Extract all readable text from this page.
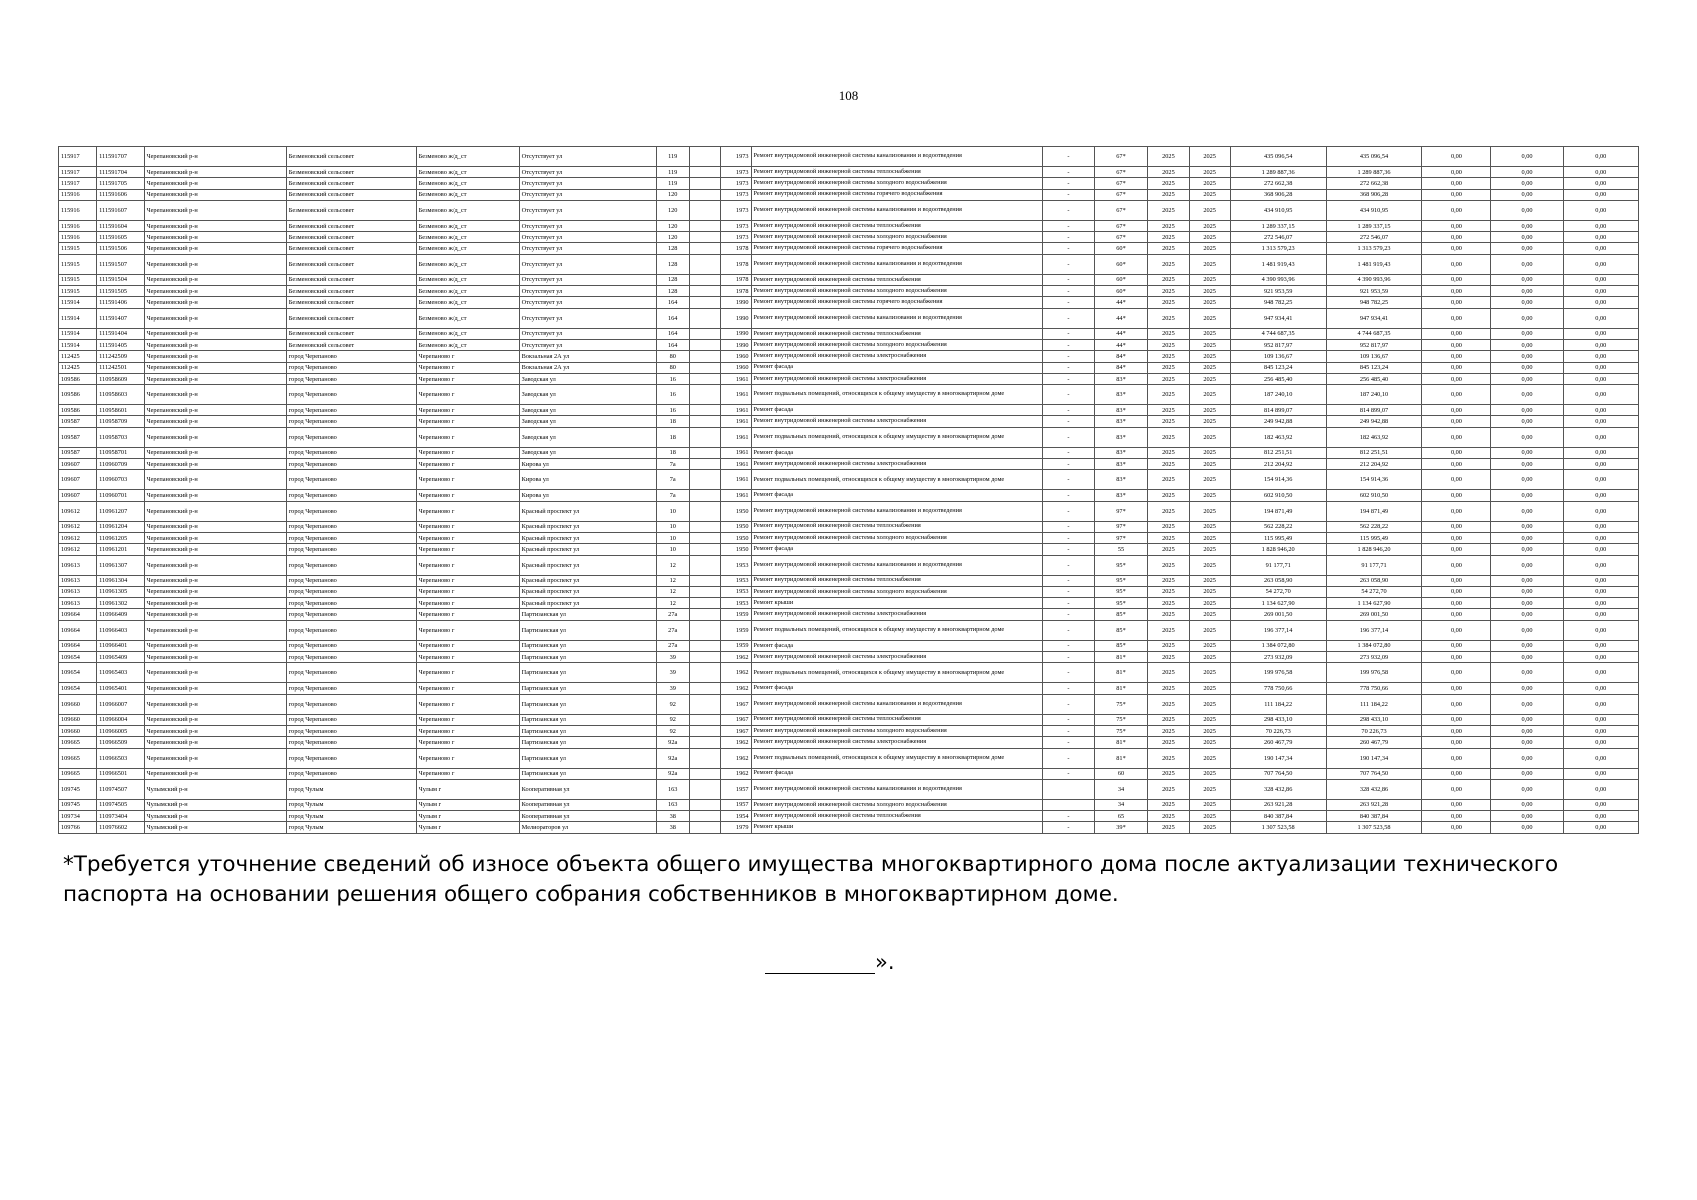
108
115917	111591707	Черепановский р-н	Безменовский сельсовет	Безменово ж/д_ст	Отсутствует ул	119		1973	Ремонт внутридомовой инженерной системы канализования и водоотведения	-	67*	2025	2025	435 096,54	435 096,54	0,00	0,00	0,00
115917	111591704	Черепановский р-н	Безменовский сельсовет	Безменово ж/д_ст	Отсутствует ул	119		1973	Ремонт внутридомовой инженерной системы теплоснабжения	-	67*	2025	2025	1 289 887,36	1 289 887,36	0,00	0,00	0,00
115917	111591705	Черепановский р-н	Безменовский сельсовет	Безменово ж/д_ст	Отсутствует ул	119		1973	Ремонт внутридомовой инженерной системы холодного водоснабжения	-	67*	2025	2025	272 662,38	272 662,38	0,00	0,00	0,00
115916	111591606	Черепановский р-н	Безменовский сельсовет	Безменово ж/д_ст	Отсутствует ул	120		1973	Ремонт внутридомовой инженерной системы горячего водоснабжения	-	67*	2025	2025	368 906,28	368 906,28	0,00	0,00	0,00
115916	111591607	Черепановский р-н	Безменовский сельсовет	Безменово ж/д_ст	Отсутствует ул	120		1973	Ремонт внутридомовой инженерной системы канализования и водоотведения	-	67*	2025	2025	434 910,95	434 910,95	0,00	0,00	0,00
115916	111591604	Черепановский р-н	Безменовский сельсовет	Безменово ж/д_ст	Отсутствует ул	120		1973	Ремонт внутридомовой инженерной системы теплоснабжения	-	67*	2025	2025	1 289 337,15	1 289 337,15	0,00	0,00	0,00
115916	111591605	Черепановский р-н	Безменовский сельсовет	Безменово ж/д_ст	Отсутствует ул	120		1973	Ремонт внутридомовой инженерной системы холодного водоснабжения	-	67*	2025	2025	272 546,07	272 546,07	0,00	0,00	0,00
115915	111591506	Черепановский р-н	Безменовский сельсовет	Безменово ж/д_ст	Отсутствует ул	128		1978	Ремонт внутридомовой инженерной системы горячего водоснабжения	-	60*	2025	2025	1 313 579,23	1 313 579,23	0,00	0,00	0,00
115915	111591507	Черепановский р-н	Безменовский сельсовет	Безменово ж/д_ст	Отсутствует ул	128		1978	Ремонт внутридомовой инженерной системы канализования и водоотведения	-	60*	2025	2025	1 481 919,43	1 481 919,43	0,00	0,00	0,00
115915	111591504	Черепановский р-н	Безменовский сельсовет	Безменово ж/д_ст	Отсутствует ул	128		1978	Ремонт внутридомовой инженерной системы теплоснабжения	-	60*	2025	2025	4 390 993,96	4 390 993,96	0,00	0,00	0,00
115915	111591505	Черепановский р-н	Безменовский сельсовет	Безменово ж/д_ст	Отсутствует ул	128		1978	Ремонт внутридомовой инженерной системы холодного водоснабжения	-	60*	2025	2025	921 953,59	921 953,59	0,00	0,00	0,00
115914	111591406	Черепановский р-н	Безменовский сельсовет	Безменово ж/д_ст	Отсутствует ул	164		1990	Ремонт внутридомовой инженерной системы горячего водоснабжения	-	44*	2025	2025	948 782,25	948 782,25	0,00	0,00	0,00
115914	111591407	Черепановский р-н	Безменовский сельсовет	Безменово ж/д_ст	Отсутствует ул	164		1990	Ремонт внутридомовой инженерной системы канализования и водоотведения	-	44*	2025	2025	947 934,41	947 934,41	0,00	0,00	0,00
115914	111591404	Черепановский р-н	Безменовский сельсовет	Безменово ж/д_ст	Отсутствует ул	164		1990	Ремонт внутридомовой инженерной системы теплоснабжения	-	44*	2025	2025	4 744 687,35	4 744 687,35	0,00	0,00	0,00
115914	111591405	Черепановский р-н	Безменовский сельсовет	Безменово ж/д_ст	Отсутствует ул	164		1990	Ремонт внутридомовой инженерной системы холодного водоснабжения	-	44*	2025	2025	952 817,97	952 817,97	0,00	0,00	0,00
112425	111242509	Черепановский р-н	город Черепаново	Черепаново г	Вокзальная 2А ул	80		1960	Ремонт внутридомовой инженерной системы электроснабжения	-	84*	2025	2025	109 136,67	109 136,67	0,00	0,00	0,00
112425	111242501	Черепановский р-н	город Черепаново	Черепаново г	Вокзальная 2А ул	80		1960	Ремонт фасада	-	84*	2025	2025	845 123,24	845 123,24	0,00	0,00	0,00
109586	110958609	Черепановский р-н	город Черепаново	Черепаново г	Заводская ул	16		1961	Ремонт внутридомовой инженерной системы электроснабжения	-	83*	2025	2025	256 485,40	256 485,40	0,00	0,00	0,00
109586	110958603	Черепановский р-н	город Черепаново	Черепаново г	Заводская ул	16		1961	Ремонт подвальных помещений, относящихся к общему имуществу в многоквартирном доме	-	83*	2025	2025	187 240,10	187 240,10	0,00	0,00	0,00
109586	110958601	Черепановский р-н	город Черепаново	Черепаново г	Заводская ул	16		1961	Ремонт фасада	-	83*	2025	2025	814 899,07	814 899,07	0,00	0,00	0,00
109587	110958709	Черепановский р-н	город Черепаново	Черепаново г	Заводская ул	18		1961	Ремонт внутридомовой инженерной системы электроснабжения	-	83*	2025	2025	249 942,88	249 942,88	0,00	0,00	0,00
109587	110958703	Черепановский р-н	город Черепаново	Черепаново г	Заводская ул	18		1961	Ремонт подвальных помещений, относящихся к общему имуществу в многоквартирном доме	-	83*	2025	2025	182 463,92	182 463,92	0,00	0,00	0,00
109587	110958701	Черепановский р-н	город Черепаново	Черепаново г	Заводская ул	18		1961	Ремонт фасада	-	83*	2025	2025	812 251,51	812 251,51	0,00	0,00	0,00
109607	110960709	Черепановский р-н	город Черепаново	Черепаново г	Кирова ул	7а		1961	Ремонт внутридомовой инженерной системы электроснабжения	-	83*	2025	2025	212 204,92	212 204,92	0,00	0,00	0,00
109607	110960703	Черепановский р-н	город Черепаново	Черепаново г	Кирова ул	7а		1961	Ремонт подвальных помещений, относящихся к общему имуществу в многоквартирном доме	-	83*	2025	2025	154 914,36	154 914,36	0,00	0,00	0,00
109607	110960701	Черепановский р-н	город Черепаново	Черепаново г	Кирова ул	7а		1961	Ремонт фасада	-	83*	2025	2025	602 910,50	602 910,50	0,00	0,00	0,00
109612	110961207	Черепановский р-н	город Черепаново	Черепаново г	Красный проспект ул	10		1950	Ремонт внутридомовой инженерной системы канализования и водоотведения	-	97*	2025	2025	194 871,49	194 871,49	0,00	0,00	0,00
109612	110961204	Черепановский р-н	город Черепаново	Черепаново г	Красный проспект ул	10		1950	Ремонт внутридомовой инженерной системы теплоснабжения	-	97*	2025	2025	562 228,22	562 228,22	0,00	0,00	0,00
109612	110961205	Черепановский р-н	город Черепаново	Черепаново г	Красный проспект ул	10		1950	Ремонт внутридомовой инженерной системы холодного водоснабжения	-	97*	2025	2025	115 995,49	115 995,49	0,00	0,00	0,00
109612	110961201	Черепановский р-н	город Черепаново	Черепаново г	Красный проспект ул	10		1950	Ремонт фасада	-	55	2025	2025	1 828 946,20	1 828 946,20	0,00	0,00	0,00
109613	110961307	Черепановский р-н	город Черепаново	Черепаново г	Красный проспект ул	12		1953	Ремонт внутридомовой инженерной системы канализования и водоотведения	-	95*	2025	2025	91 177,71	91 177,71	0,00	0,00	0,00
109613	110961304	Черепановский р-н	город Черепаново	Черепаново г	Красный проспект ул	12		1953	Ремонт внутридомовой инженерной системы теплоснабжения	-	95*	2025	2025	263 058,90	263 058,90	0,00	0,00	0,00
109613	110961305	Черепановский р-н	город Черепаново	Черепаново г	Красный проспект ул	12		1953	Ремонт внутридомовой инженерной системы холодного водоснабжения	-	95*	2025	2025	54 272,70	54 272,70	0,00	0,00	0,00
109613	110961302	Черепановский р-н	город Черепаново	Черепаново г	Красный проспект ул	12		1953	Ремонт крыши	-	95*	2025	2025	1 134 627,90	1 134 627,90	0,00	0,00	0,00
109664	110966409	Черепановский р-н	город Черепаново	Черепаново г	Партизанская ул	27а		1959	Ремонт внутридомовой инженерной системы электроснабжения	-	85*	2025	2025	269 001,50	269 001,50	0,00	0,00	0,00
109664	110966403	Черепановский р-н	город Черепаново	Черепаново г	Партизанская ул	27а		1959	Ремонт подвальных помещений, относящихся к общему имуществу в многоквартирном доме	-	85*	2025	2025	196 377,14	196 377,14	0,00	0,00	0,00
109664	110966401	Черепановский р-н	город Черепаново	Черепаново г	Партизанская ул	27а		1959	Ремонт фасада	-	85*	2025	2025	1 384 072,80	1 384 072,80	0,00	0,00	0,00
109654	110965409	Черепановский р-н	город Черепаново	Черепаново г	Партизанская ул	39		1962	Ремонт внутридомовой инженерной системы электроснабжения	-	81*	2025	2025	273 932,09	273 932,09	0,00	0,00	0,00
109654	110965403	Черепановский р-н	город Черепаново	Черепаново г	Партизанская ул	39		1962	Ремонт подвальных помещений, относящихся к общему имуществу в многоквартирном доме	-	81*	2025	2025	199 976,58	199 976,58	0,00	0,00	0,00
109654	110965401	Черепановский р-н	город Черепаново	Черепаново г	Партизанская ул	39		1962	Ремонт фасада	-	81*	2025	2025	778 750,66	778 750,66	0,00	0,00	0,00
109660	110966007	Черепановский р-н	город Черепаново	Черепаново г	Партизанская ул	92		1967	Ремонт внутридомовой инженерной системы канализования и водоотведения	-	75*	2025	2025	111 184,22	111 184,22	0,00	0,00	0,00
109660	110966004	Черепановский р-н	город Черепаново	Черепаново г	Партизанская ул	92		1967	Ремонт внутридомовой инженерной системы теплоснабжения	-	75*	2025	2025	298 433,10	298 433,10	0,00	0,00	0,00
109660	110966005	Черепановский р-н	город Черепаново	Черепаново г	Партизанская ул	92		1967	Ремонт внутридомовой инженерной системы холодного водоснабжения	-	75*	2025	2025	70 226,73	70 226,73	0,00	0,00	0,00
109665	110966509	Черепановский р-н	город Черепаново	Черепаново г	Партизанская ул	92а		1962	Ремонт внутридомовой инженерной системы электроснабжения	-	81*	2025	2025	260 467,79	260 467,79	0,00	0,00	0,00
109665	110966503	Черепановский р-н	город Черепаново	Черепаново г	Партизанская ул	92а		1962	Ремонт подвальных помещений, относящихся к общему имуществу в многоквартирном доме	-	81*	2025	2025	190 147,34	190 147,34	0,00	0,00	0,00
109665	110966501	Черепановский р-н	город Черепаново	Черепаново г	Партизанская ул	92а		1962	Ремонт фасада	-	60	2025	2025	707 764,50	707 764,50	0,00	0,00	0,00
109745	110974507	Чулымский р-н	город Чулым	Чулым г	Кооперативная ул	163		1957	Ремонт внутридомовой инженерной системы канализования и водоотведения		34	2025	2025	328 432,86	328 432,86	0,00	0,00	0,00
109745	110974505	Чулымский р-н	город Чулым	Чулым г	Кооперативная ул	163		1957	Ремонт внутридомовой инженерной системы холодного водоснабжения		34	2025	2025	263 921,28	263 921,28	0,00	0,00	0,00
109734	110973404	Чулымский р-н	город Чулым	Чулым г	Кооперативная ул	38		1954	Ремонт внутридомовой инженерной системы теплоснабжения	-	65	2025	2025	840 387,84	840 387,84	0,00	0,00	0,00
109766	110976602	Чулымский р-н	город Чулым	Чулым г	Мелиораторов ул	38		1979	Ремонт крыши	-	39*	2025	2025	1 307 523,58	1 307 523,58	0,00	0,00	0,00
*Требуется уточнение сведений об износе объекта общего имущества многоквартирного дома после актуализации технического паспорта на основании решения общего собрания собственников в многоквартирном доме.
».
